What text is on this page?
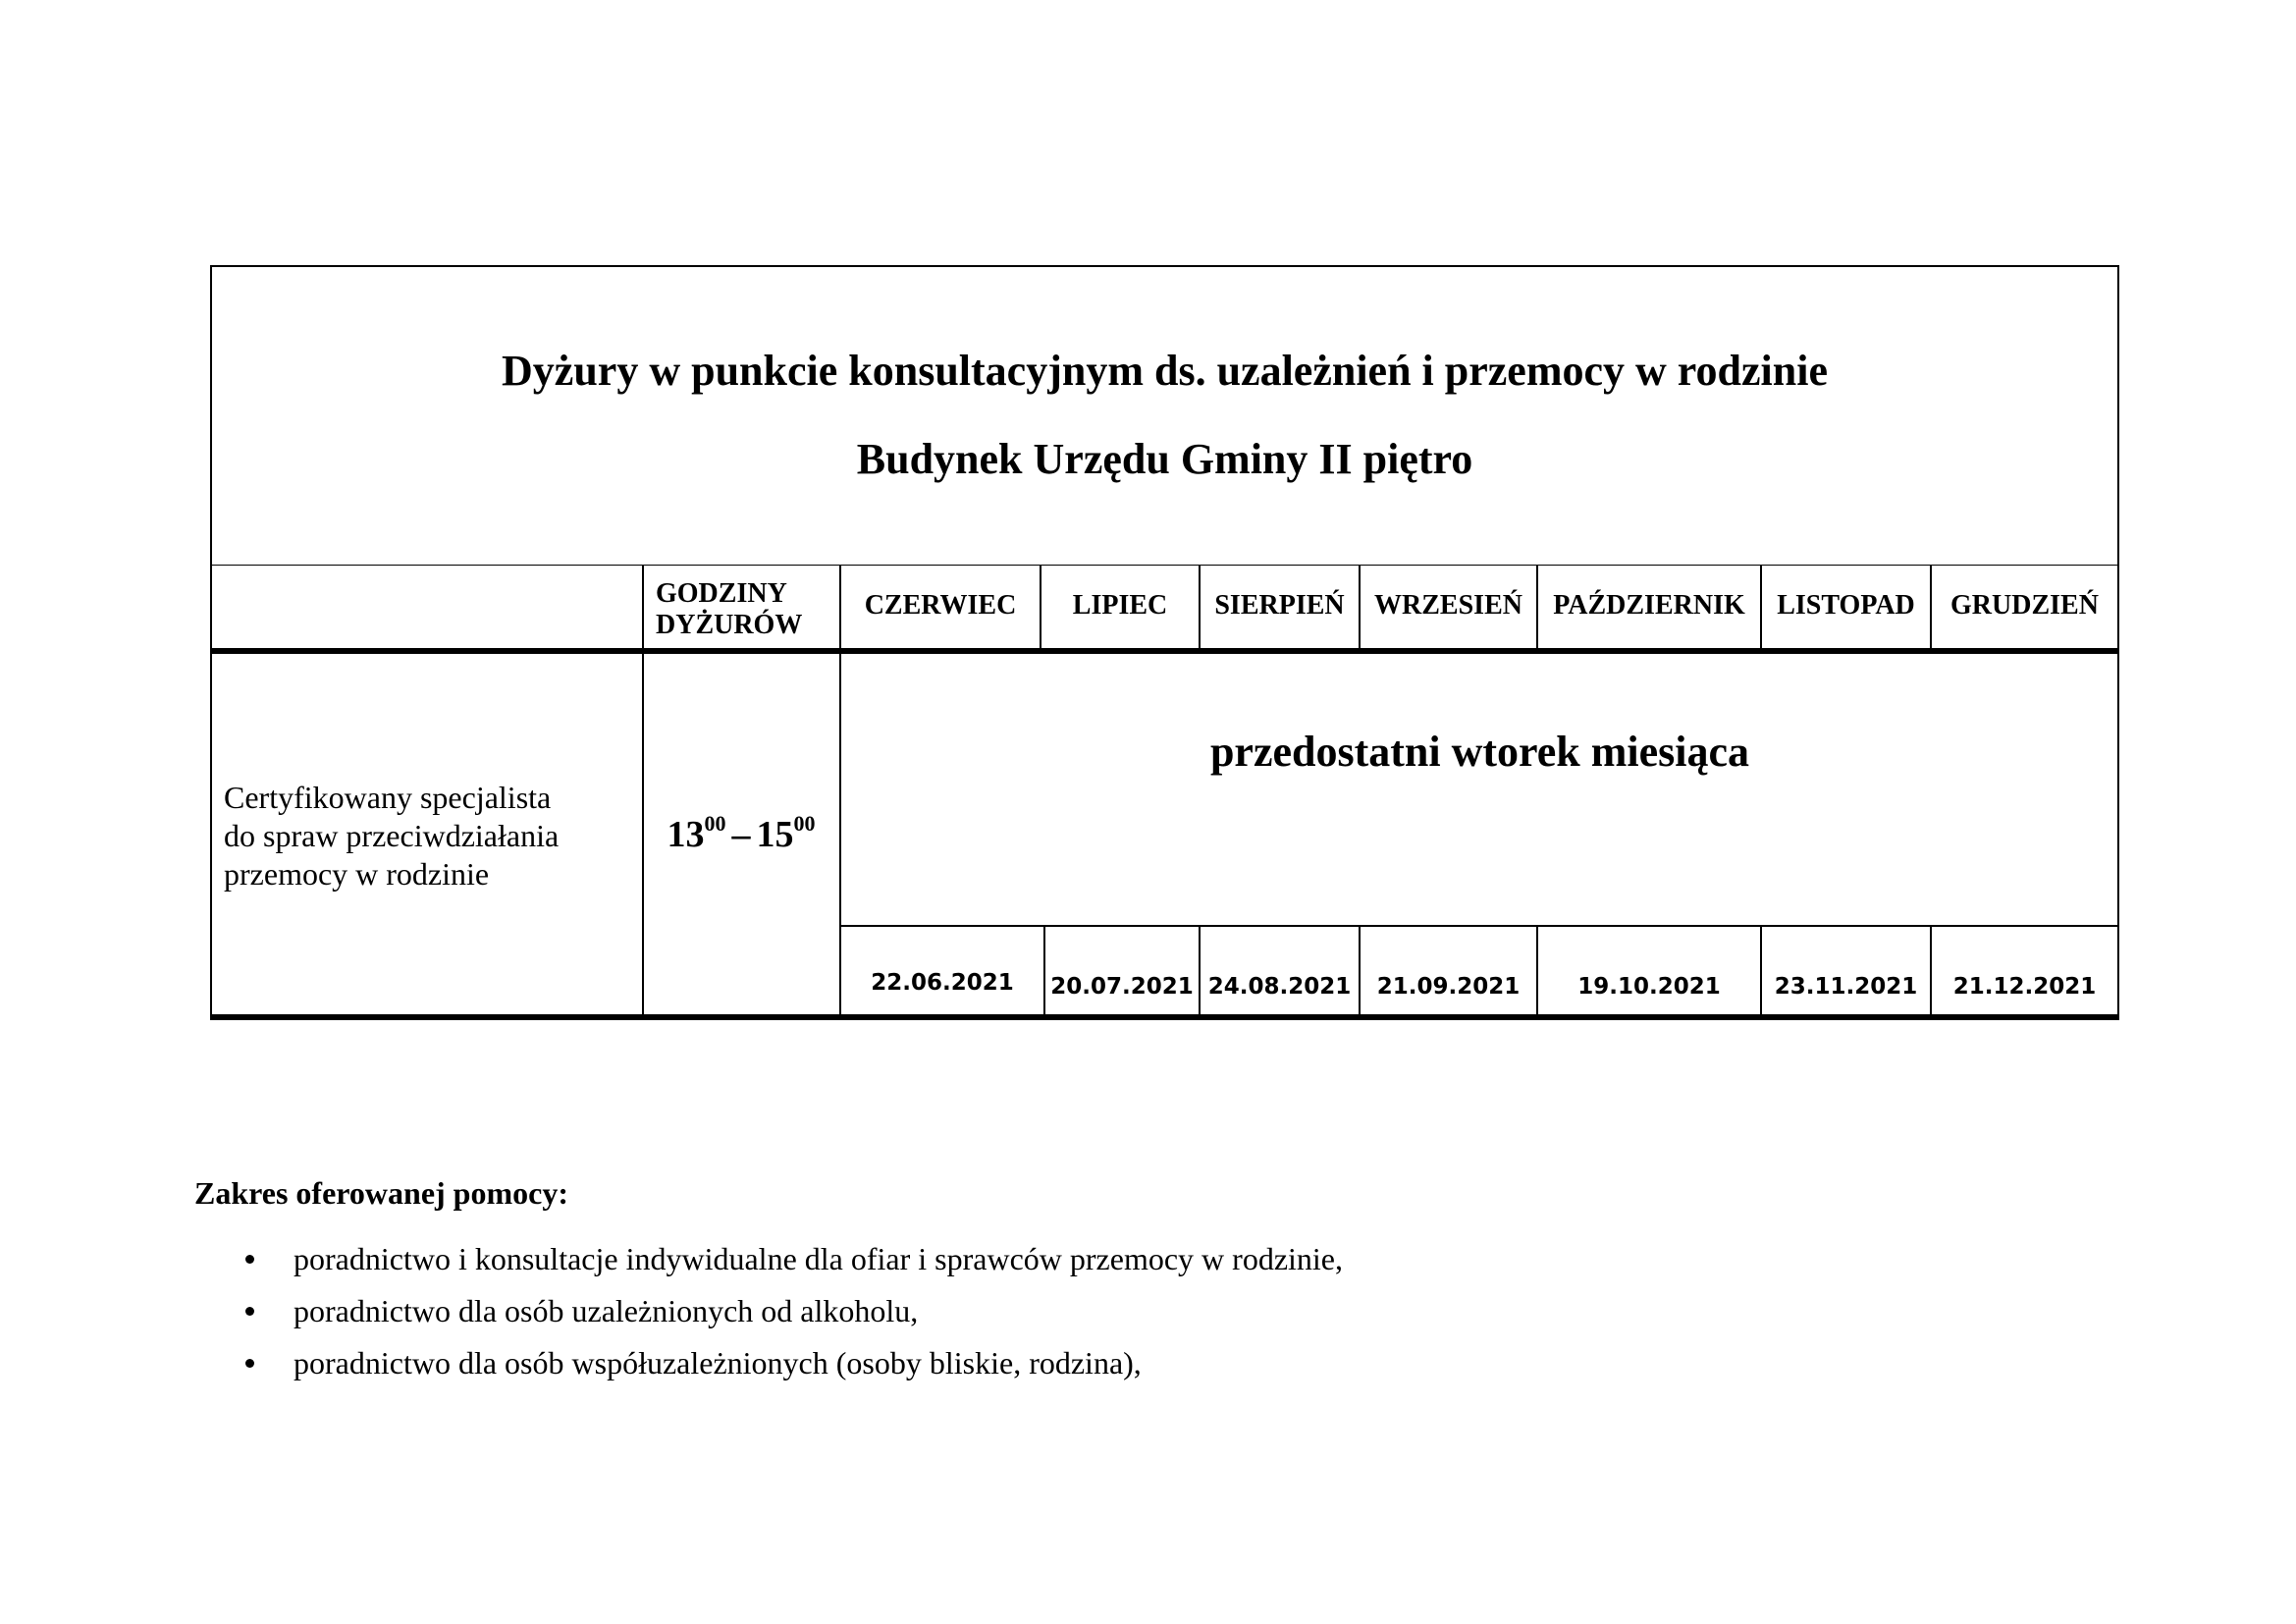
Dyżury w punkcie konsultacyjnym ds. uzależnień i przemocy w rodzinie
Budynek Urzędu Gminy II piętro
GODZINY
DYŻURÓW
CZERWIEC	LIPIEC	SIERPIEŃ	WRZESIEŃ	PAŹDZIERNIK	LISTOPAD	GRUDZIEŃ
Certyfikowany specjalista
do spraw przeciwdziałania
przemocy w rodzinie
$13^{00} - 15^{00}$
przedostatni wtorek miesiąca
22.06.2021	20.07.2021 24.08.2021	21.09.2021	19.10.2021	23.11.2021	21.12.2021
Zakres oferowanej pomocy:
poradnictwo i konsultacje indywidualne dla ofiar i sprawców przemocy w rodzinie,
poradnictwo dla osób uzależnionych od alkoholu,
poradnictwo dla osób współuzależnionych (osoby bliskie, rodzina),
